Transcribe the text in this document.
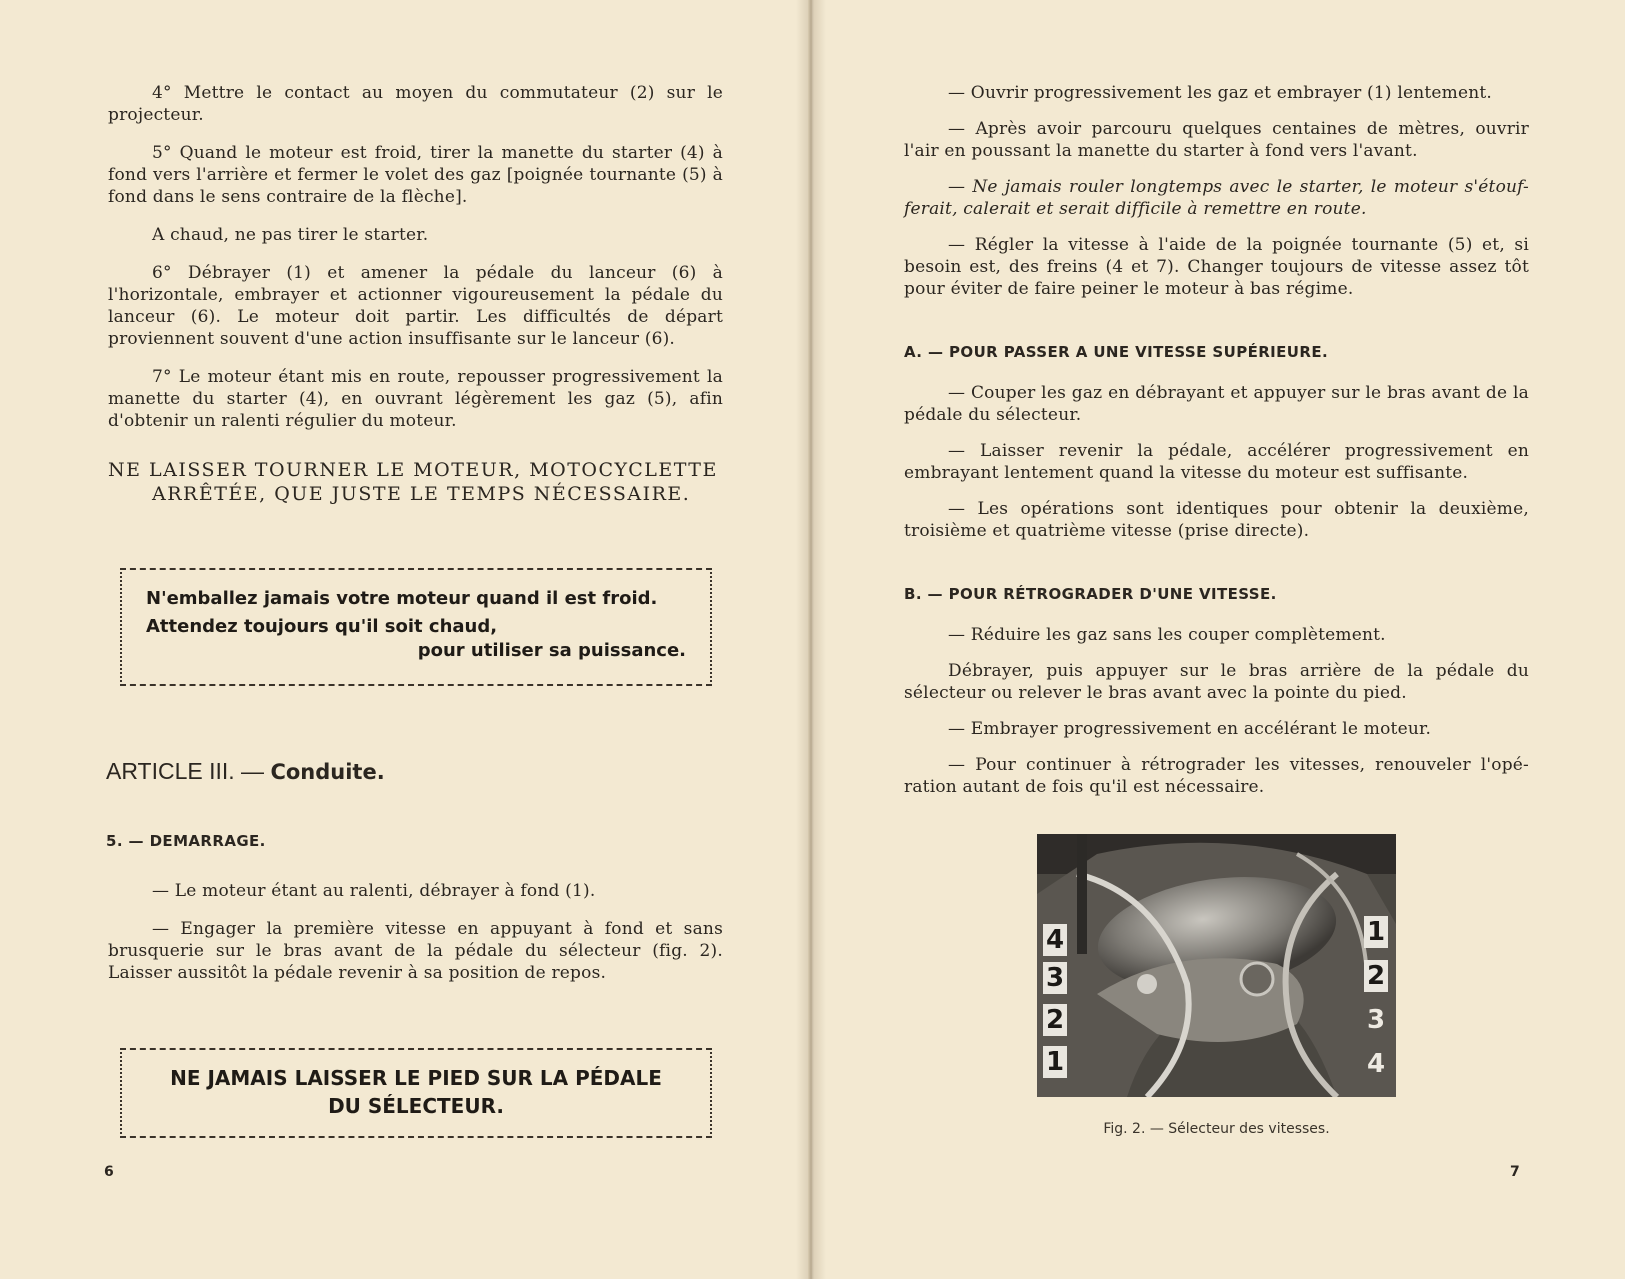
4° Mettre le contact au moyen du commutateur (2) sur le projecteur.

5° Quand le moteur est froid, tirer la manette du starter (4) à fond vers l'arrière et fermer le volet des gaz [poignée tournante (5) à fond dans le sens contraire de la flèche].

A chaud, ne pas tirer le starter.

6° Débrayer (1) et amener la pédale du lanceur (6) à l'horizontale, embrayer et actionner vigoureusement la pédale du lanceur (6). Le moteur doit partir. Les difficultés de départ proviennent souvent d'une action insuffisante sur le lanceur (6).

7° Le moteur étant mis en route, repousser progressivement la manette du starter (4), en ouvrant légèrement les gaz (5), afin d'obtenir un ralenti régulier du moteur.

NE LAISSER TOURNER LE MOTEUR, MOTOCYCLETTE
ARRÊTÉE, QUE JUSTE LE TEMPS NÉCESSAIRE.
N'emballez jamais votre moteur quand il est froid.
Attendez toujours qu'il soit chaud,
pour utiliser sa puissance.
ARTICLE III. — Conduite.
5. — DEMARRAGE.

— Le moteur étant au ralenti, débrayer à fond (1).

— Engager la première vitesse en appuyant à fond et sans brusquerie sur le bras avant de la pédale du sélecteur (fig. 2). Laisser aussitôt la pédale revenir à sa position de repos.

NE JAMAIS LAISSER LE PIED SUR LA PÉDALE
DU SÉLECTEUR.
6

— Ouvrir progressivement les gaz et embrayer (1) lentement.

— Après avoir parcouru quelques centaines de mètres, ouvrir l'air en poussant la manette du starter à fond vers l'avant.

— Ne jamais rouler longtemps avec le starter, le moteur s'étouf-ferait, calerait et serait difficile à remettre en route.

— Régler la vitesse à l'aide de la poignée tournante (5) et, si besoin est, des freins (4 et 7). Changer toujours de vitesse assez tôt pour éviter de faire peiner le moteur à bas régime.

A. — POUR PASSER A UNE VITESSE SUPÉRIEURE.

— Couper les gaz en débrayant et appuyer sur le bras avant de la pédale du sélecteur.

— Laisser revenir la pédale, accélérer progressivement en embrayant lentement quand la vitesse du moteur est suffisante.

— Les opérations sont identiques pour obtenir la deuxième, troisième et quatrième vitesse (prise directe).

B. — POUR RÉTROGRADER D'UNE VITESSE.

— Réduire les gaz sans les couper complètement.

Débrayer, puis appuyer sur le bras arrière de la pédale du sélecteur ou relever le bras avant avec la pointe du pied.

— Embrayer progressivement en accélérant le moteur.

— Pour continuer à rétrograder les vitesses, renouveler l'opé-ration autant de fois qu'il est nécessaire.

7
4
3
2
1
1
2
3
4
Fig. 2. — Sélecteur des vitesses.
